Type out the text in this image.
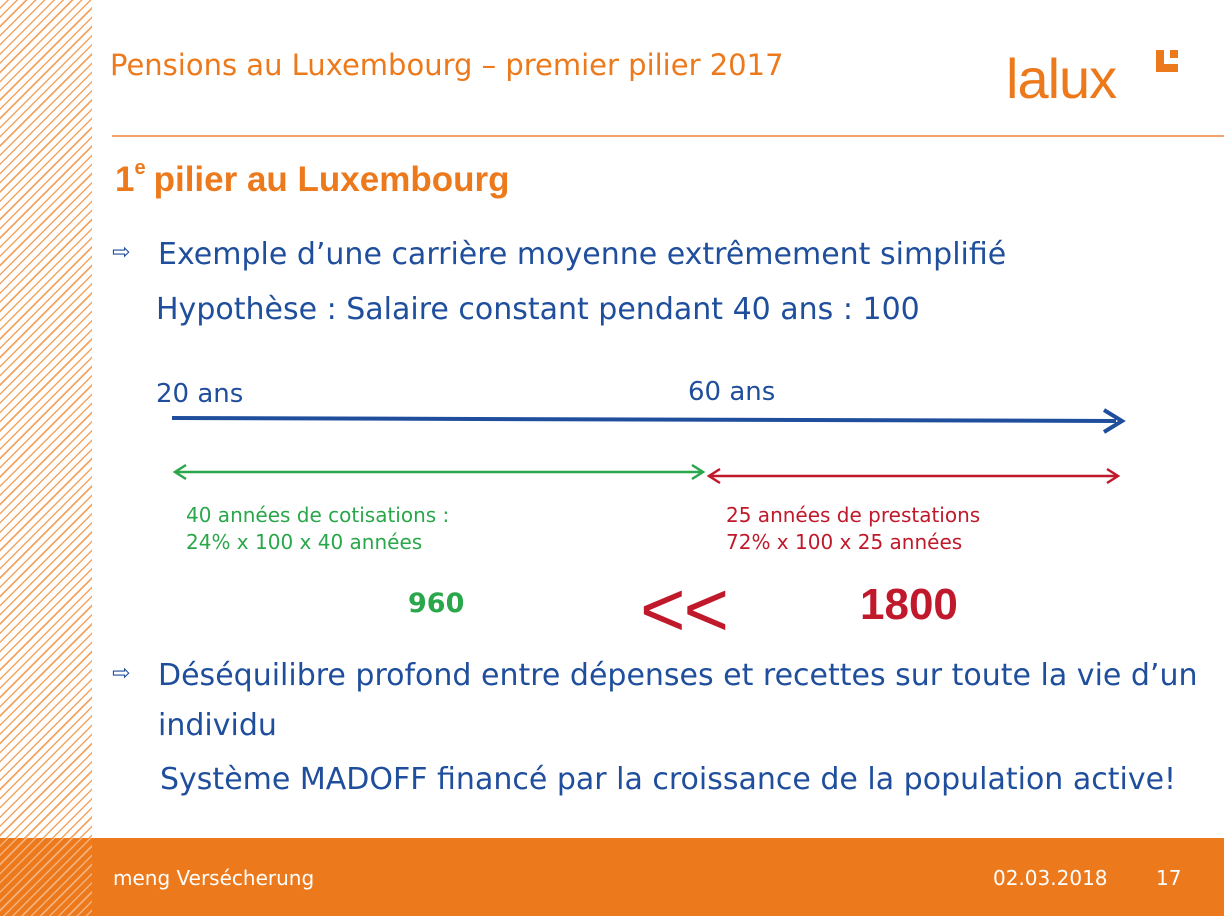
Pensions au Luxembourg – premier pilier 2017	lalux
1e pilier au Luxembourg
⇨ Exemple d’une carrière moyenne extrêmement simplifié
Hypothèse : Salaire constant pendant 40 ans : 100
20 ans	60 ans
40 années de cotisations :
24% x 100 x 40 années
25 années de prestations
72% x 100 x 25 années
960 <<	1800
⇨ Déséquilibre profond entre dépenses et recettes sur toute la vie d’un
individu
Système MADOFF financé par la croissance de la population active!
meng Versécherung	02.03.2018 17
